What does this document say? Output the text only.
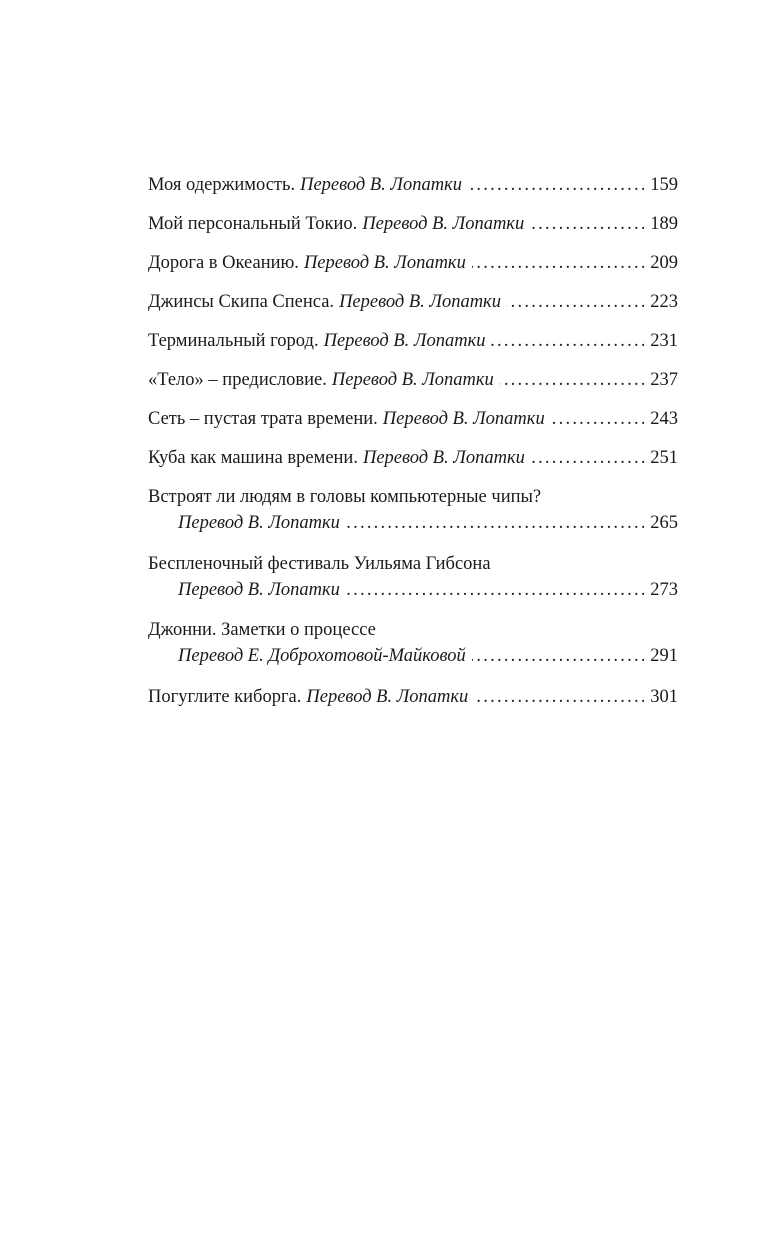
Моя одержимость. Перевод В. Лопатки . . .	159
Мой персональный Токио. Перевод В. Лопатки . . .	189
Дорога в Океанию. Перевод В. Лопатки . . .	209
Джинсы Скипа Спенса. Перевод В. Лопатки . . .	223
Терминальный город. Перевод В. Лопатки . . .	231
«Тело» – предисловие. Перевод В. Лопатки . . .	237
Сеть – пустая трата времени. Перевод В. Лопатки . . .	243
Куба как машина времени. Перевод В. Лопатки . . .	251
Встроят ли людям в головы компьютерные чипы?
Перевод В. Лопатки . . .	265
Беспленочный фестиваль Уильяма Гибсона
Перевод В. Лопатки . . .	273
Джонни. Заметки о процессе
Перевод Е. Доброхотовой-Майковой . . .	291
Погуглите киборга. Перевод В. Лопатки . . .	301
